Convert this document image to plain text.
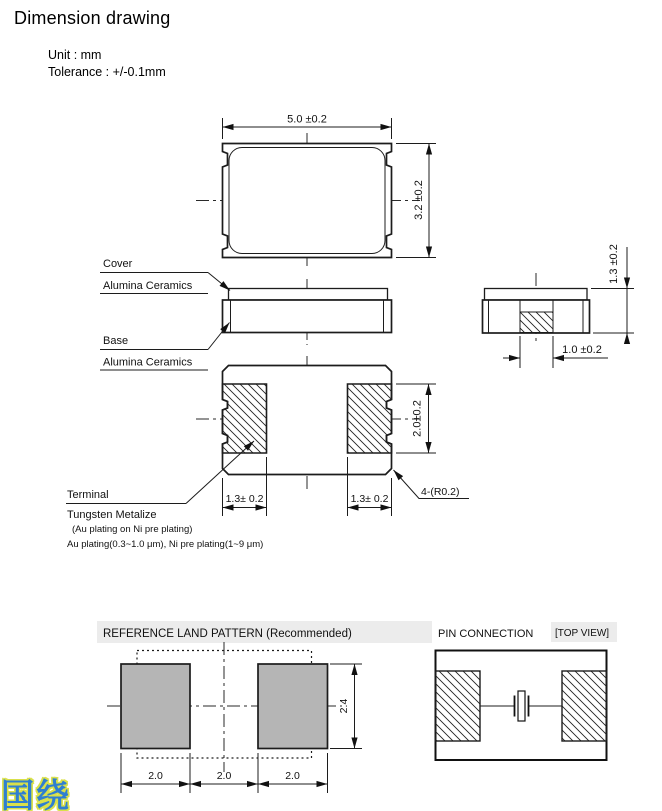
Dimension drawing
Unit : mm
Tolerance : +/-0.1mm
5.0 ±0.2
3.2 ±0.2
Cover
Alumina Ceramics
Base
Alumina Ceramics
1.3 ±0.2
1.0 ±0.2
2.0±0.2
1.3± 0.2	1.3± 0.2
4-(R0.2)
Terminal
Tungsten Metalize
(Au plating on Ni pre plating)
Au plating(0.3~1.0 μm), Ni pre plating(1~9 μm)
REFERENCE LAND PATTERN (Recommended)
2.4
2.0	2.0	2.0
PIN CONNECTION [TOP VIEW]
国绕
